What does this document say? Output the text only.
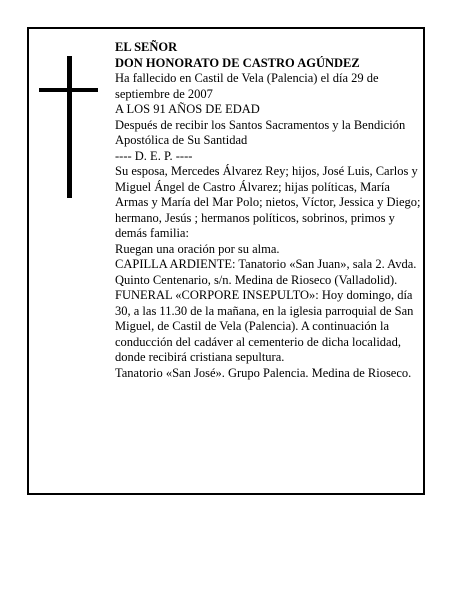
EL SEÑOR

DON HONORATO DE CASTRO AGÚNDEZ

Ha fallecido en Castil de Vela (Palencia) el día 29 de septiembre de 2007

A LOS 91 AÑOS DE EDAD

Después de recibir los Santos Sacramentos y la Bendición Apostólica de Su Santidad

---- D. E. P. ----

Su esposa, Mercedes Álvarez Rey; hijos, José Luis, Carlos y Miguel Ángel de Castro Álvarez; hijas políticas, María Armas y María del Mar Polo; nietos, Víctor, Jessica y Diego; hermano, Jesús ; hermanos políticos, sobrinos, primos y demás familia:

Ruegan una oración por su alma.

CAPILLA ARDIENTE: Tanatorio «San Juan», sala 2. Avda. Quinto Centenario, s/n. Medina de Rioseco (Valladolid).

FUNERAL «CORPORE INSEPULTO»: Hoy domingo, día 30, a las 11.30 de la mañana, en la iglesia parroquial de San Miguel, de Castil de Vela (Palencia). A continuación la conducción del cadáver al cementerio de dicha localidad, donde recibirá cristiana sepultura.

Tanatorio «San José». Grupo Palencia. Medina de Rioseco.
